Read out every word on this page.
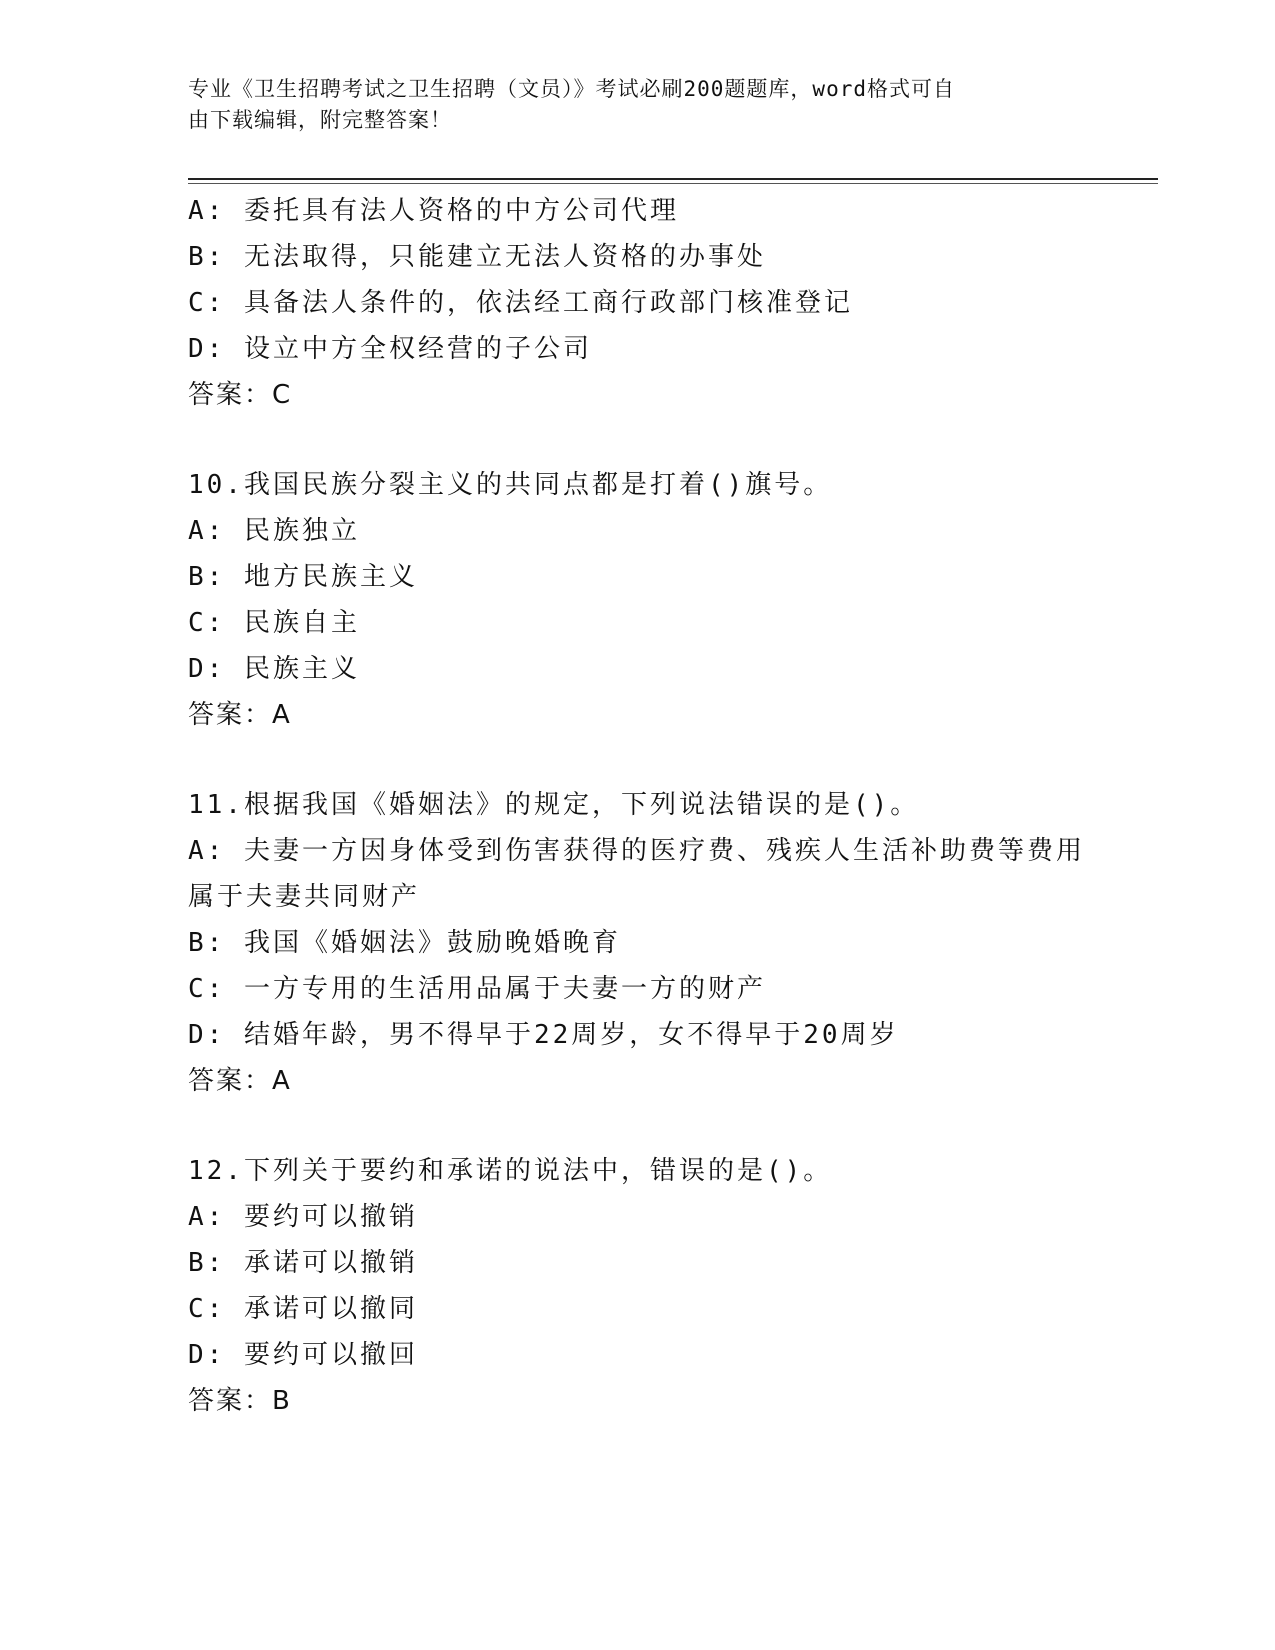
专业《卫生招聘考试之卫生招聘（文员）》考试必刷200题题库，word格式可自
由下载编辑，附完整答案！
A: 委托具有法人资格的中方公司代理
B: 无法取得，只能建立无法人资格的办事处
C: 具备法人条件的，依法经工商行政部门核准登记
D: 设立中方全权经营的子公司
答案：C
10.我国民族分裂主义的共同点都是打着()旗号。
A: 民族独立
B: 地方民族主义
C: 民族自主
D: 民族主义
答案：A
11.根据我国《婚姻法》的规定，下列说法错误的是()。
A: 夫妻一方因身体受到伤害获得的医疗费、残疾人生活补助费等费用
属于夫妻共同财产
B: 我国《婚姻法》鼓励晚婚晚育
C: 一方专用的生活用品属于夫妻一方的财产
D: 结婚年龄，男不得早于22周岁，女不得早于20周岁
答案：A
12.下列关于要约和承诺的说法中，错误的是()。
A: 要约可以撤销
B: 承诺可以撤销
C: 承诺可以撤同
D: 要约可以撤回
答案：B
